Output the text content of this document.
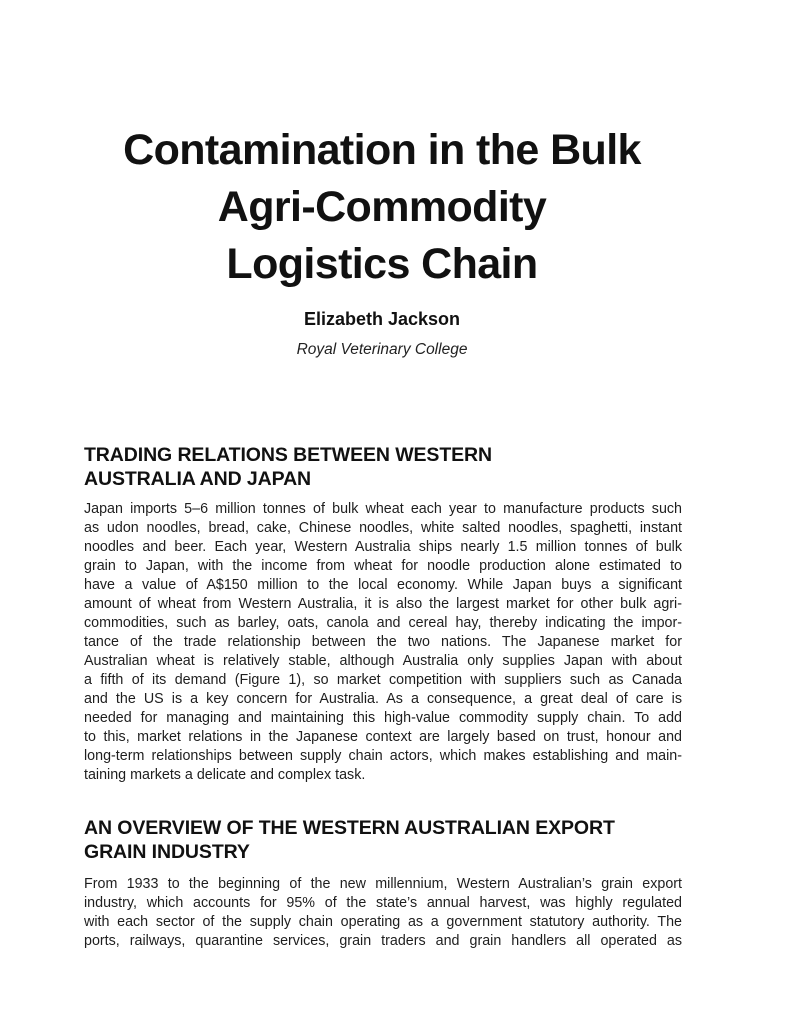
Contamination in the Bulk
Agri-Commodity
Logistics Chain
Elizabeth Jackson
Royal Veterinary College
TRADING RELATIONS BETWEEN WESTERN
AUSTRALIA AND JAPAN
Japan imports 5–6 million tonnes of bulk wheat each year to manufacture products such
as udon noodles, bread, cake, Chinese noodles, white salted noodles, spaghetti, instant
noodles and beer. Each year, Western Australia ships nearly 1.5 million tonnes of bulk
grain to Japan, with the income from wheat for noodle production alone estimated to
have a value of A$150 million to the local economy. While Japan buys a significant
amount of wheat from Western Australia, it is also the largest market for other bulk agri-
commodities, such as barley, oats, canola and cereal hay, thereby indicating the impor-
tance of the trade relationship between the two nations. The Japanese market for
Australian wheat is relatively stable, although Australia only supplies Japan with about
a fifth of its demand (Figure 1), so market competition with suppliers such as Canada
and the US is a key concern for Australia. As a consequence, a great deal of care is
needed for managing and maintaining this high-value commodity supply chain. To add
to this, market relations in the Japanese context are largely based on trust, honour and
long-term relationships between supply chain actors, which makes establishing and main-
taining markets a delicate and complex task.
AN OVERVIEW OF THE WESTERN AUSTRALIAN EXPORT
GRAIN INDUSTRY
From 1933 to the beginning of the new millennium, Western Australian’s grain export
industry, which accounts for 95% of the state’s annual harvest, was highly regulated
with each sector of the supply chain operating as a government statutory authority. The
ports, railways, quarantine services, grain traders and grain handlers all operated as
